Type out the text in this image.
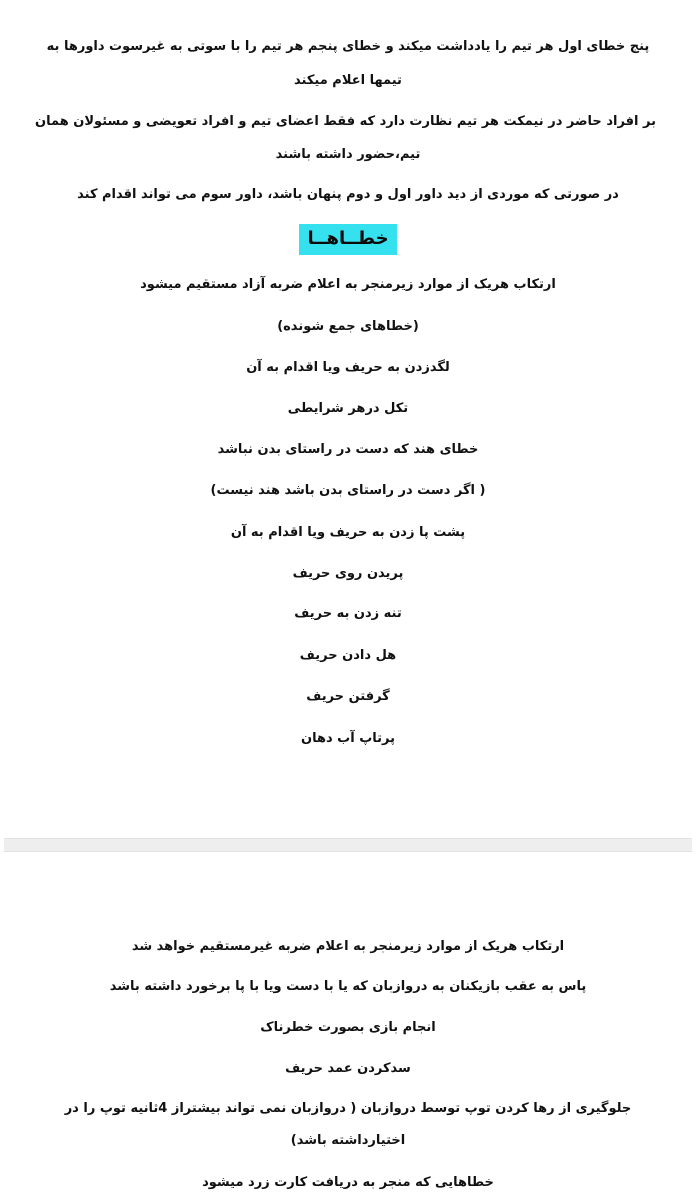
پنج خطای اول هر تیم را یادداشت میکند و خطای پنجم هر تیم را با سوتی به غیرسوت داورها به
تیمها اعلام میکند
بر افراد حاضر در نیمکت هر تیم نظارت دارد که فقط اعضای تیم و افراد تعویضی و مسئولان همان
تیم،حضور داشته باشند
در صورتی که موردی از دید داور اول و دوم پنهان باشد، داور سوم می تواند اقدام کند
خطــاهــا
ارتکاب هریک از موارد زیرمنجر به اعلام ضربه آزاد مستقیم میشود
(خطاهای جمع شونده)
لگدزدن به حریف ویا اقدام به آن
تکل درهر شرایطی
خطای هند که دست در راستای بدن نباشد
( اگر دست در راستای بدن باشد هند نیست)
پشت پا زدن به حریف ویا اقدام به آن
پریدن روی حریف
تنه زدن به حریف
هل دادن حریف
گرفتن حریف
پرتاپ آب دهان
ارتکاب هریک از موارد زیرمنجر به اعلام ضربه غیرمستقیم خواهد شد
پاس به عقب بازیکنان به دروازبان که یا با دست ویا با پا برخورد داشته باشد
انجام بازی بصورت خطرناک
سدکردن عمد حریف
جلوگیری از رها کردن توپ توسط دروازبان ( دروازبان نمی تواند بیشتراز 4ثانیه توپ را در
اختیارداشته باشد)
خطاهایی که منجر به دریافت کارت زرد میشود
